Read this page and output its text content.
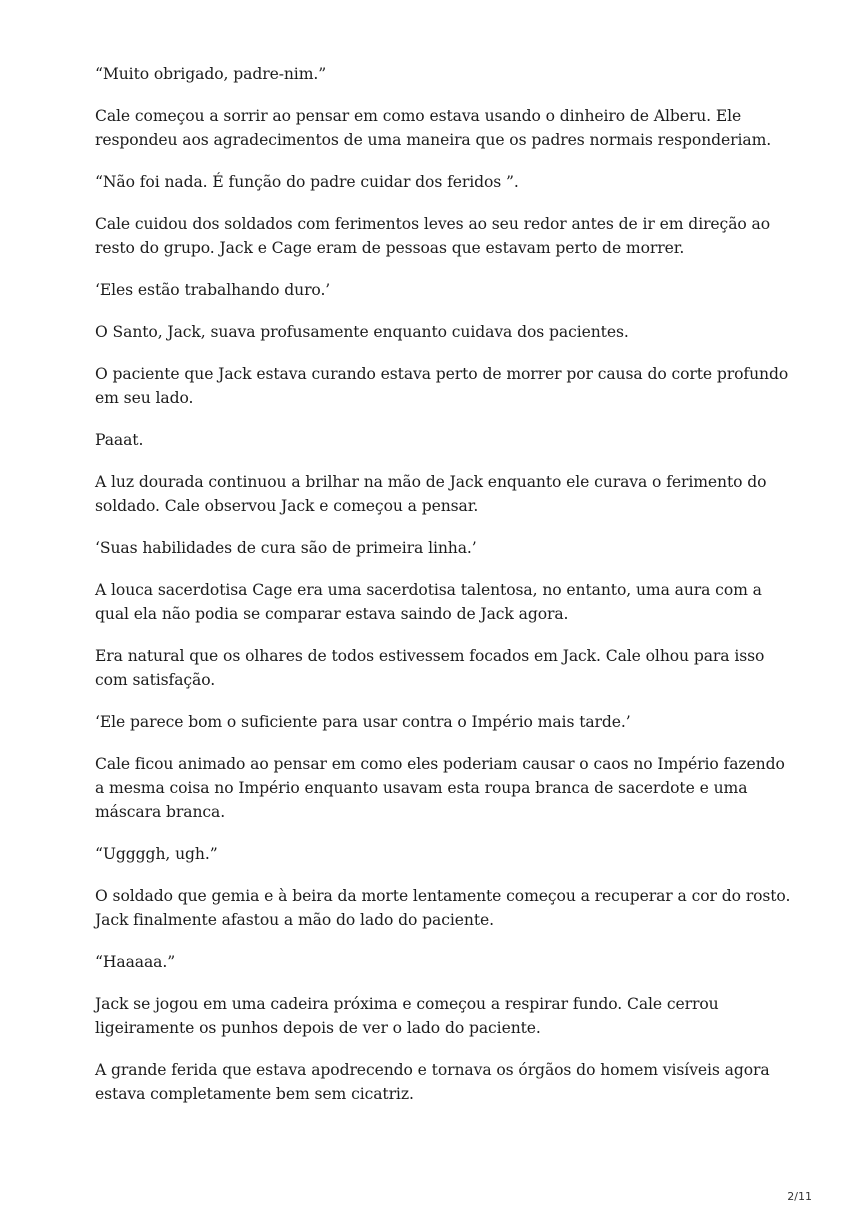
“Muito obrigado, padre-nim.”

Cale começou a sorrir ao pensar em como estava usando o dinheiro de Alberu. Ele respondeu aos agradecimentos de uma maneira que os padres normais responderiam.

“Não foi nada. É função do padre cuidar dos feridos ”.

Cale cuidou dos soldados com ferimentos leves ao seu redor antes de ir em direção ao resto do grupo. Jack e Cage eram de pessoas que estavam perto de morrer.

‘Eles estão trabalhando duro.’

O Santo, Jack, suava profusamente enquanto cuidava dos pacientes.

O paciente que Jack estava curando estava perto de morrer por causa do corte profundo em seu lado.

Paaat.

A luz dourada continuou a brilhar na mão de Jack enquanto ele curava o ferimento do soldado. Cale observou Jack e começou a pensar.

‘Suas habilidades de cura são de primeira linha.’

A louca sacerdotisa Cage era uma sacerdotisa talentosa, no entanto, uma aura com a qual ela não podia se comparar estava saindo de Jack agora.

Era natural que os olhares de todos estivessem focados em Jack. Cale olhou para isso com satisfação.

‘Ele parece bom o suficiente para usar contra o Império mais tarde.’

Cale ficou animado ao pensar em como eles poderiam causar o caos no Império fazendo a mesma coisa no Império enquanto usavam esta roupa branca de sacerdote e uma máscara branca.

“Uggggh, ugh.”

O soldado que gemia e à beira da morte lentamente começou a recuperar a cor do rosto. Jack finalmente afastou a mão do lado do paciente.

“Haaaaa.”

Jack se jogou em uma cadeira próxima e começou a respirar fundo. Cale cerrou ligeiramente os punhos depois de ver o lado do paciente.

A grande ferida que estava apodrecendo e tornava os órgãos do homem visíveis agora estava completamente bem sem cicatriz.

2/11
